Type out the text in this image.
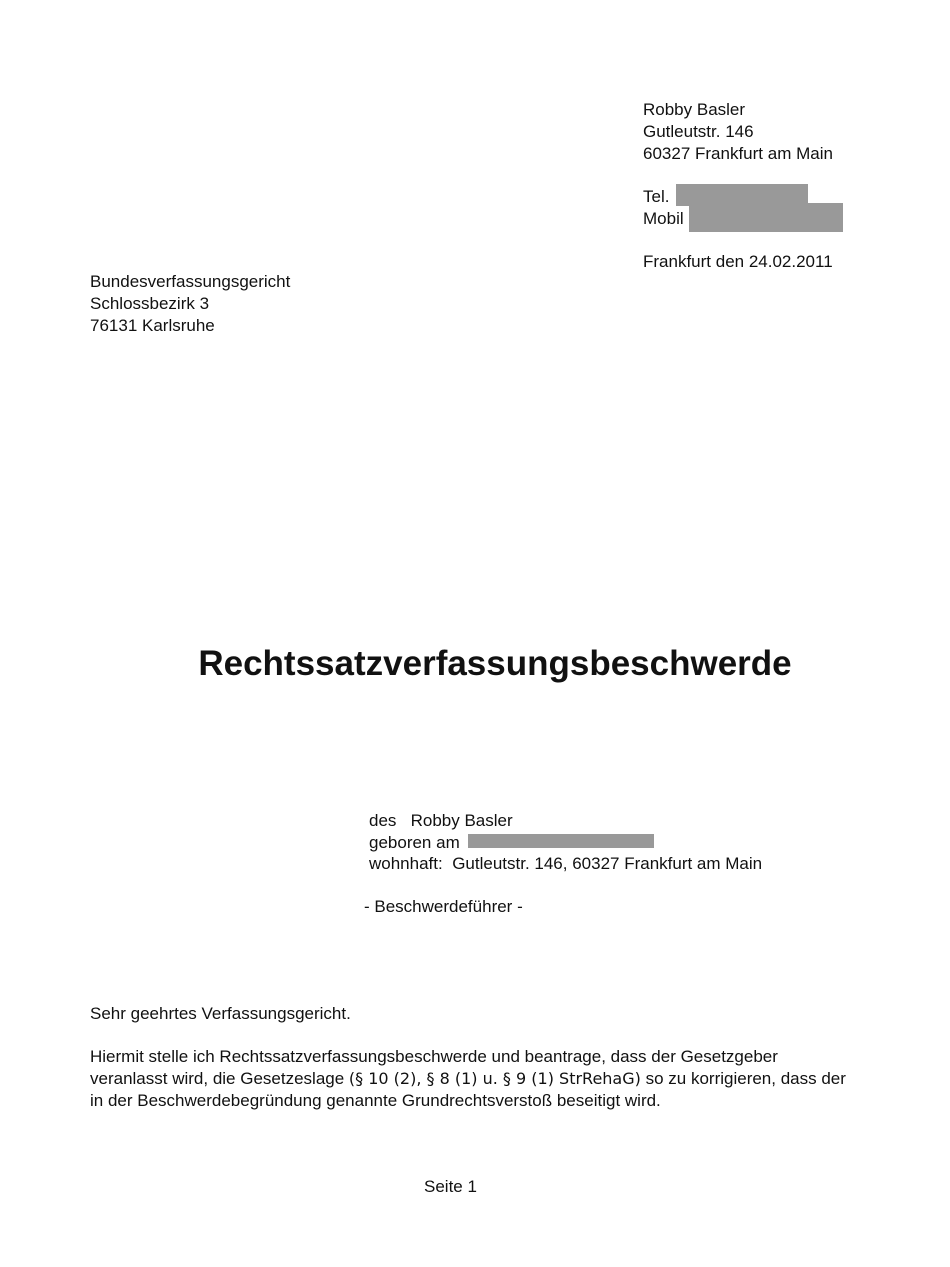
Robby Basler
Gutleutstr. 146
60327 Frankfurt am Main
Tel.
Mobil
Frankfurt den 24.02.2011
Bundesverfassungsgericht
Schlossbezirk 3
76131 Karlsruhe
Rechtssatzverfassungsbeschwerde
des Robby Basler
geboren am
wohnhaft: Gutleutstr. 146, 60327 Frankfurt am Main
- Beschwerdeführer -
Sehr geehrtes Verfassungsgericht.

Hiermit stelle ich Rechtssatzverfassungsbeschwerde und beantrage, dass der Gesetzgeber

veranlasst wird, die Gesetzeslage (§ 10 (2), § 8 (1) u. § 9 (1) StrRehaG) so zu korrigieren, dass der

in der Beschwerdebegründung genannte Grundrechtsverstoß beseitigt wird.

Seite 1
